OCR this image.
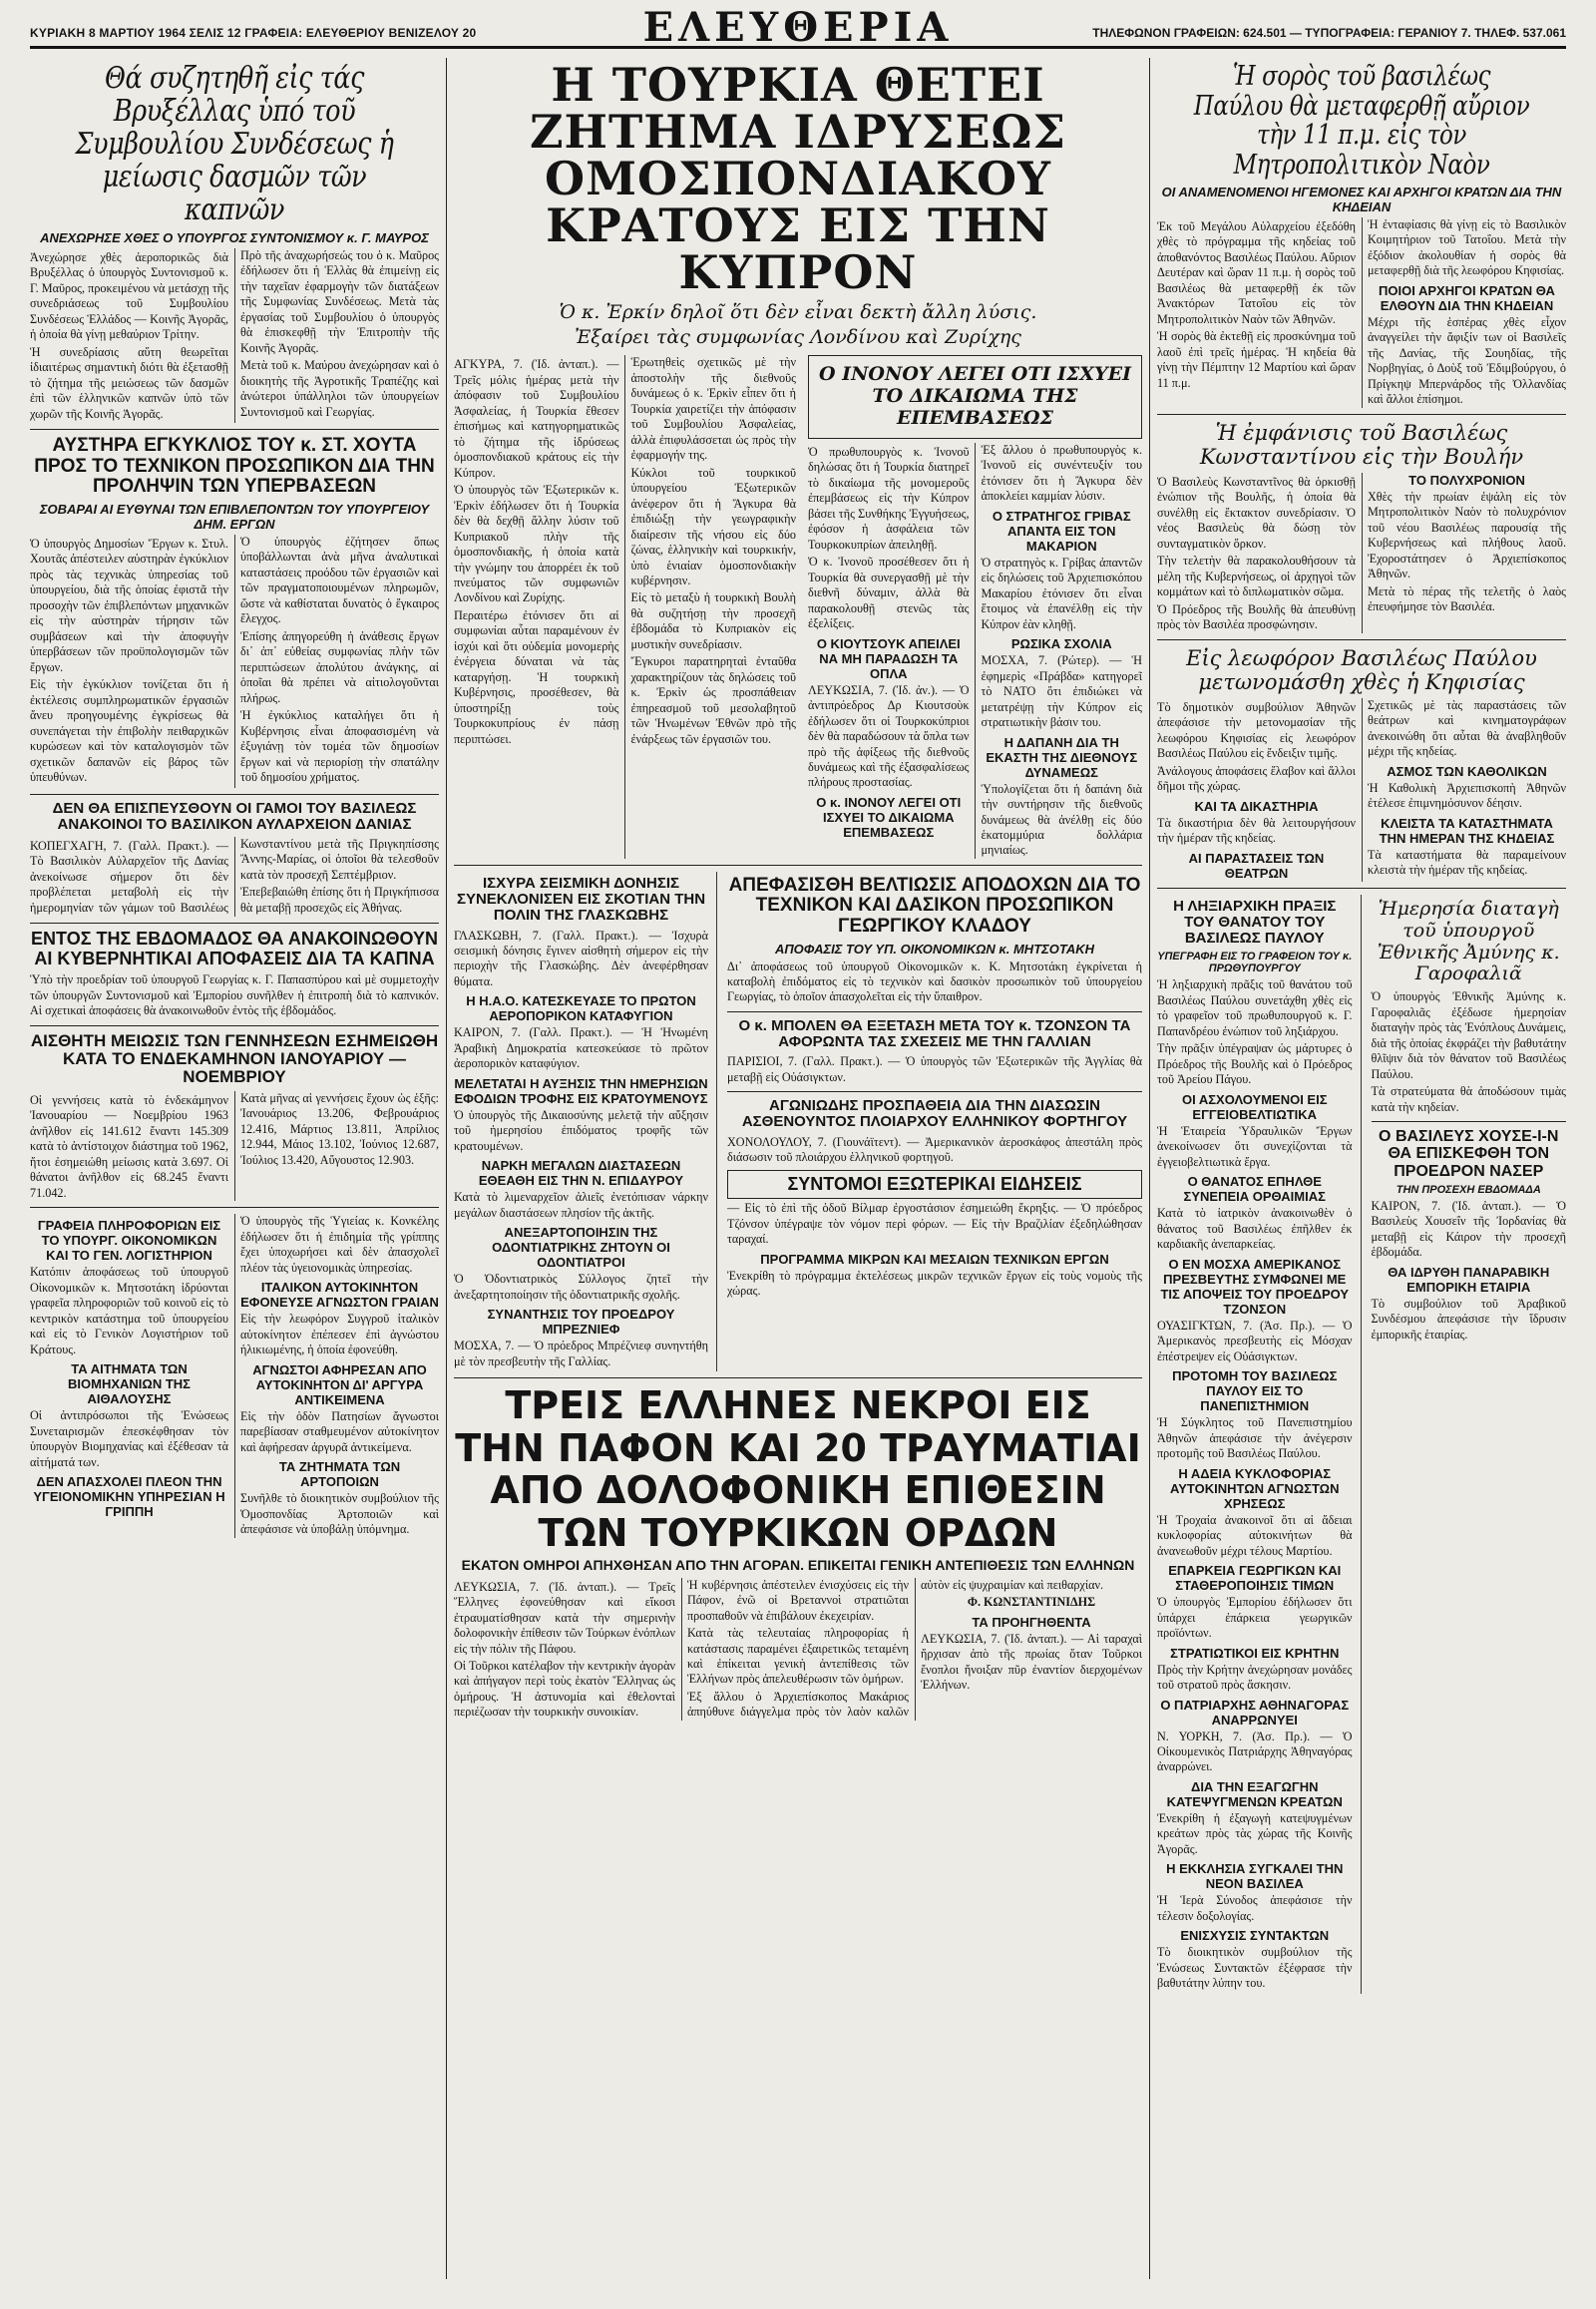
ΚΥΡΙΑΚΗ 8 ΜΑΡΤΙΟΥ 1964 ΣΕΛΙΣ 12 ΓΡΑΦΕΙΑ: ΕΛΕΥΘΕΡΙΟΥ ΒΕΝΙΖΕΛΟΥ 20	ΕΛΕΥΘΕΡΙΑ	ΤΗΛΕΦΩΝΟΝ ΓΡΑΦΕΙΩΝ: 624.501 — ΤΥΠΟΓΡΑΦΕΙΑ: ΓΕΡΑΝΙΟΥ 7. ΤΗΛΕΦ. 537.061
Θά συζητηθῆ εἰς τάς Βρυξέλλας ὑπό τοῦ Συμβουλίου Συνδέσεως ἡ μείωσις δασμῶν τῶν καπνῶν
ΑΝΕΧΩΡΗΣΕ ΧΘΕΣ Ο ΥΠΟΥΡΓΟΣ ΣΥΝΤΟΝΙΣΜΟΥ κ. Γ. ΜΑΥΡΟΣ

Ἀνεχώρησε χθὲς ἀεροπορικῶς διὰ Βρυξέλλας ὁ ὑπουργὸς Συντονισμοῦ κ. Γ. Μαῦρος, προκειμένου νὰ μετάσχῃ τῆς συνεδριάσεως τοῦ Συμβουλίου Συνδέσεως Ἑλλάδος — Κοινῆς Ἀγορᾶς, ἡ ὁποία θὰ γίνῃ μεθαύριον Τρίτην.

Ἡ συνεδρίασις αὕτη θεωρεῖται ἰδιαιτέρως σημαντικὴ διότι θὰ ἐξετασθῇ τὸ ζήτημα τῆς μειώσεως τῶν δασμῶν ἐπὶ τῶν ἑλληνικῶν καπνῶν ὑπὸ τῶν χωρῶν τῆς Κοινῆς Ἀγορᾶς.

Πρὸ τῆς ἀναχωρήσεώς του ὁ κ. Μαῦρος ἐδήλωσεν ὅτι ἡ Ἑλλὰς θὰ ἐπιμείνῃ εἰς τὴν ταχεῖαν ἐφαρμογὴν τῶν διατάξεων τῆς Συμφωνίας Συνδέσεως. Μετὰ τὰς ἐργασίας τοῦ Συμβουλίου ὁ ὑπουργὸς θὰ ἐπισκεφθῇ τὴν Ἐπιτροπὴν τῆς Κοινῆς Ἀγορᾶς.

Μετὰ τοῦ κ. Μαύρου ἀνεχώρησαν καὶ ὁ διοικητὴς τῆς Ἀγροτικῆς Τραπέζης καὶ ἀνώτεροι ὑπάλληλοι τῶν ὑπουργείων Συντονισμοῦ καὶ Γεωργίας.

ΑΥΣΤΗΡΑ ΕΓΚΥΚΛΙΟΣ ΤΟΥ κ. ΣΤ. ΧΟΥΤΑ ΠΡΟΣ ΤΟ ΤΕΧΝΙΚΟΝ ΠΡΟΣΩΠΙΚΟΝ ΔΙΑ ΤΗΝ ΠΡΟΛΗΨΙΝ ΤΩΝ ΥΠΕΡΒΑΣΕΩΝ
ΣΟΒΑΡΑΙ ΑΙ ΕΥΘΥΝΑΙ ΤΩΝ ΕΠΙΒΛΕΠΟΝΤΩΝ ΤΟΥ ΥΠΟΥΡΓΕΙΟΥ ΔΗΜ. ΕΡΓΩΝ

Ὁ ὑπουργὸς Δημοσίων Ἔργων κ. Στυλ. Χουτᾶς ἀπέστειλεν αὐστηρὰν ἐγκύκλιον πρὸς τὰς τεχνικὰς ὑπηρεσίας τοῦ ὑπουργείου, διὰ τῆς ὁποίας ἐφιστᾶ τὴν προσοχὴν τῶν ἐπιβλεπόντων μηχανικῶν εἰς τὴν αὐστηρὰν τήρησιν τῶν συμβάσεων καὶ τὴν ἀποφυγὴν ὑπερβάσεων τῶν προϋπολογισμῶν τῶν ἔργων.

Εἰς τὴν ἐγκύκλιον τονίζεται ὅτι ἡ ἐκτέλεσις συμπληρωματικῶν ἐργασιῶν ἄνευ προηγουμένης ἐγκρίσεως θὰ συνεπάγεται τὴν ἐπιβολὴν πειθαρχικῶν κυρώσεων καὶ τὸν καταλογισμὸν τῶν σχετικῶν δαπανῶν εἰς βάρος τῶν ὑπευθύνων.

Ὁ ὑπουργὸς ἐζήτησεν ὅπως ὑποβάλλωνται ἀνὰ μῆνα ἀναλυτικαὶ καταστάσεις προόδου τῶν ἐργασιῶν καὶ τῶν πραγματοποιουμένων πληρωμῶν, ὥστε νὰ καθίσταται δυνατὸς ὁ ἔγκαιρος ἔλεγχος.

Ἐπίσης ἀπηγορεύθη ἡ ἀνάθεσις ἔργων δι᾽ ἀπ᾽ εὐθείας συμφωνίας πλὴν τῶν περιπτώσεων ἀπολύτου ἀνάγκης, αἱ ὁποῖαι θὰ πρέπει νὰ αἰτιολογοῦνται πλήρως.

Ἡ ἐγκύκλιος καταλήγει ὅτι ἡ Κυβέρνησις εἶναι ἀποφασισμένη νὰ ἐξυγιάνῃ τὸν τομέα τῶν δημοσίων ἔργων καὶ νὰ περιορίσῃ τὴν σπατάλην τοῦ δημοσίου χρήματος.

ΔΕΝ ΘΑ ΕΠΙΣΠΕΥΣΘΟΥΝ ΟΙ ΓΑΜΟΙ ΤΟΥ ΒΑΣΙΛΕΩΣ ΑΝΑΚΟΙΝΟΙ ΤΟ ΒΑΣΙΛΙΚΟΝ ΑΥΛΑΡΧΕΙΟΝ ΔΑΝΙΑΣ

ΚΟΠΕΓΧΑΓΗ, 7. (Γαλλ. Πρακτ.). — Τὸ Βασιλικὸν Αὐλαρχεῖον τῆς Δανίας ἀνεκοίνωσε σήμερον ὅτι δὲν προβλέπεται μεταβολὴ εἰς τὴν ἡμερομηνίαν τῶν γάμων τοῦ Βασιλέως Κωνσταντίνου μετὰ τῆς Πριγκηπίσσης Ἄννης-Μαρίας, οἱ ὁποῖοι θὰ τελεσθοῦν κατὰ τὸν προσεχῆ Σεπτέμβριον.

Ἐπεβεβαιώθη ἐπίσης ὅτι ἡ Πριγκήπισσα θὰ μεταβῇ προσεχῶς εἰς Ἀθήνας.

ΕΝΤΟΣ ΤΗΣ ΕΒΔΟΜΑΔΟΣ ΘΑ ΑΝΑΚΟΙΝΩΘΟΥΝ ΑΙ ΚΥΒΕΡΝΗΤΙΚΑΙ ΑΠΟΦΑΣΕΙΣ ΔΙΑ ΤΑ ΚΑΠΝΑ

Ὑπὸ τὴν προεδρίαν τοῦ ὑπουργοῦ Γεωργίας κ. Γ. Παπασπύρου καὶ μὲ συμμετοχὴν τῶν ὑπουργῶν Συντονισμοῦ καὶ Ἐμπορίου συνῆλθεν ἡ ἐπιτροπὴ διὰ τὸ καπνικόν. Αἱ σχετικαὶ ἀποφάσεις θὰ ἀνακοινωθοῦν ἐντὸς τῆς ἑβδομάδος.

ΑΙΣΘΗΤΗ ΜΕΙΩΣΙΣ ΤΩΝ ΓΕΝΝΗΣΕΩΝ ΕΣΗΜΕΙΩΘΗ ΚΑΤΑ ΤΟ ΕΝΔΕΚΑΜΗΝΟΝ ΙΑΝΟΥΑΡΙΟΥ — ΝΟΕΜΒΡΙΟΥ

Οἱ γεννήσεις κατὰ τὸ ἑνδεκάμηνον Ἰανουαρίου — Νοεμβρίου 1963 ἀνῆλθον εἰς 141.612 ἔναντι 145.309 κατὰ τὸ ἀντίστοιχον διάστημα τοῦ 1962, ἤτοι ἐσημειώθη μείωσις κατὰ 3.697. Οἱ θάνατοι ἀνῆλθον εἰς 68.245 ἔναντι 71.042.

Κατὰ μῆνας αἱ γεννήσεις ἔχουν ὡς ἑξῆς: Ἰανουάριος 13.206, Φεβρουάριος 12.416, Μάρτιος 13.811, Ἀπρίλιος 12.944, Μάιος 13.102, Ἰούνιος 12.687, Ἰούλιος 13.420, Αὔγουστος 12.903.

ΓΡΑΦΕΙΑ ΠΛΗΡΟΦΟΡΙΩΝ ΕΙΣ ΤΟ ΥΠΟΥΡΓ. ΟΙΚΟΝΟΜΙΚΩΝ ΚΑΙ ΤΟ ΓΕΝ. ΛΟΓΙΣΤΗΡΙΟΝ

Κατόπιν ἀποφάσεως τοῦ ὑπουργοῦ Οἰκονομικῶν κ. Μητσοτάκη ἱδρύονται γραφεῖα πληροφοριῶν τοῦ κοινοῦ εἰς τὸ κεντρικὸν κατάστημα τοῦ ὑπουργείου καὶ εἰς τὸ Γενικὸν Λογιστήριον τοῦ Κράτους.

ΤΑ ΑΙΤΗΜΑΤΑ ΤΩΝ ΒΙΟΜΗΧΑΝΙΩΝ ΤΗΣ ΑΙΘΑΛΟΥΣΗΣ

Οἱ ἀντιπρόσωποι τῆς Ἑνώσεως Συνεταιρισμῶν ἐπεσκέφθησαν τὸν ὑπουργὸν Βιομηχανίας καὶ ἐξέθεσαν τὰ αἰτήματά των.

ΔΕΝ ΑΠΑΣΧΟΛΕΙ ΠΛΕΟΝ ΤΗΝ ΥΓΕΙΟΝΟΜΙΚΗΝ ΥΠΗΡΕΣΙΑΝ Η ΓΡΙΠΠΗ

Ὁ ὑπουργὸς τῆς Ὑγιείας κ. Κονκέλης ἐδήλωσεν ὅτι ἡ ἐπιδημία τῆς γρίππης ἔχει ὑποχωρήσει καὶ δὲν ἀπασχολεῖ πλέον τὰς ὑγειονομικὰς ὑπηρεσίας.

ΙΤΑΛΙΚΟΝ ΑΥΤΟΚΙΝΗΤΟΝ ΕΦΟΝΕΥΣΕ ΑΓΝΩΣΤΟΝ ΓΡΑΙΑΝ

Εἰς τὴν λεωφόρον Συγγροῦ ἰταλικὸν αὐτοκίνητον ἐπέπεσεν ἐπὶ ἀγνώστου ἡλικιωμένης, ἡ ὁποία ἐφονεύθη.

ΑΓΝΩΣΤΟΙ ΑΦΗΡΕΣΑΝ ΑΠΟ ΑΥΤΟΚΙΝΗΤΟΝ ΔΙ' ΑΡΓΥΡΑ ΑΝΤΙΚΕΙΜΕΝΑ

Εἰς τὴν ὁδὸν Πατησίων ἄγνωστοι παρεβίασαν σταθμευμένον αὐτοκίνητον καὶ ἀφήρεσαν ἀργυρᾶ ἀντικείμενα.

ΤΑ ΖΗΤΗΜΑΤΑ ΤΩΝ ΑΡΤΟΠΟΙΩΝ

Συνῆλθε τὸ διοικητικὸν συμβούλιον τῆς Ὁμοσπονδίας Ἀρτοποιῶν καὶ ἀπεφάσισε νὰ ὑποβάλῃ ὑπόμνημα.

Η ΤΟΥΡΚΙΑ ΘΕΤΕΙ ΖΗΤΗΜΑ ΙΔΡΥΣΕΩΣ ΟΜΟΣΠΟΝΔΙΑΚΟΥ ΚΡΑΤΟΥΣ ΕΙΣ ΤΗΝ ΚΥΠΡΟΝ
Ὁ κ. Ἐρκίν δηλοῖ ὅτι δὲν εἶναι δεκτὴ ἄλλη λύσις.
Ἐξαίρει τὰς συμφωνίας Λονδίνου καὶ Ζυρίχης

ΑΓΚΥΡΑ, 7. (Ἰδ. ἀνταπ.). — Τρεῖς μόλις ἡμέρας μετὰ τὴν ἀπόφασιν τοῦ Συμβουλίου Ἀσφαλείας, ἡ Τουρκία ἔθεσεν ἐπισήμως καὶ κατηγορηματικῶς τὸ ζήτημα τῆς ἱδρύσεως ὁμοσπονδιακοῦ κράτους εἰς τὴν Κύπρον.

Ὁ ὑπουργὸς τῶν Ἐξωτερικῶν κ. Ἐρκὶν ἐδήλωσεν ὅτι ἡ Τουρκία δὲν θὰ δεχθῇ ἄλλην λύσιν τοῦ Κυπριακοῦ πλὴν τῆς ὁμοσπονδιακῆς, ἡ ὁποία κατὰ τὴν γνώμην του ἀπορρέει ἐκ τοῦ πνεύματος τῶν συμφωνιῶν Λονδίνου καὶ Ζυρίχης.

Περαιτέρω ἐτόνισεν ὅτι αἱ συμφωνίαι αὗται παραμένουν ἐν ἰσχύι καὶ ὅτι οὐδεμία μονομερὴς ἐνέργεια δύναται νὰ τὰς καταργήσῃ. Ἡ τουρκικὴ Κυβέρνησις, προσέθεσεν, θὰ ὑποστηρίξῃ τοὺς Τουρκοκυπρίους ἐν πάσῃ περιπτώσει.

Ἐρωτηθεὶς σχετικῶς μὲ τὴν ἀποστολὴν τῆς διεθνοῦς δυνάμεως ὁ κ. Ἐρκὶν εἶπεν ὅτι ἡ Τουρκία χαιρετίζει τὴν ἀπόφασιν τοῦ Συμβουλίου Ἀσφαλείας, ἀλλὰ ἐπιφυλάσσεται ὡς πρὸς τὴν ἐφαρμογήν της.

Κύκλοι τοῦ τουρκικοῦ ὑπουργείου Ἐξωτερικῶν ἀνέφερον ὅτι ἡ Ἄγκυρα θὰ ἐπιδιώξῃ τὴν γεωγραφικὴν διαίρεσιν τῆς νήσου εἰς δύο ζώνας, ἑλληνικὴν καὶ τουρκικήν, ὑπὸ ἑνιαίαν ὁμοσπονδιακὴν κυβέρνησιν.

Εἰς τὸ μεταξὺ ἡ τουρκικὴ Βουλὴ θὰ συζητήσῃ τὴν προσεχῆ ἑβδομάδα τὸ Κυπριακὸν εἰς μυστικὴν συνεδρίασιν.

Ἔγκυροι παρατηρηταὶ ἐνταῦθα χαρακτηρίζουν τὰς δηλώσεις τοῦ κ. Ἐρκὶν ὡς προσπάθειαν ἐπηρεασμοῦ τοῦ μεσολαβητοῦ τῶν Ἡνωμένων Ἐθνῶν πρὸ τῆς ἐνάρξεως τῶν ἐργασιῶν του.

Ο ΙΝΟΝΟΥ ΛΕΓΕΙ ΟΤΙ ΙΣΧΥΕΙ ΤΟ ΔΙΚΑΙΩΜΑ ΤΗΣ ΕΠΕΜΒΑΣΕΩΣ

Ὁ πρωθυπουργὸς κ. Ἰνονοῦ δηλώσας ὅτι ἡ Τουρκία διατηρεῖ τὸ δικαίωμα τῆς μονομεροῦς ἐπεμβάσεως εἰς τὴν Κύπρον βάσει τῆς Συνθήκης Ἐγγυήσεως, ἐφόσον ἡ ἀσφάλεια τῶν Τουρκοκυπρίων ἀπειληθῇ.

Ὁ κ. Ἰνονοῦ προσέθεσεν ὅτι ἡ Τουρκία θὰ συνεργασθῇ μὲ τὴν διεθνῆ δύναμιν, ἀλλὰ θὰ παρακολουθῇ στενῶς τὰς ἐξελίξεις.

Ο ΚΙΟΥΤΣΟΥΚ ΑΠΕΙΛΕΙ ΝΑ ΜΗ ΠΑΡΑΔΩΣΗ ΤΑ ΟΠΛΑ

ΛΕΥΚΩΣΙΑ, 7. (Ἰδ. ἀν.). — Ὁ ἀντιπρόεδρος Δρ Κιουτσοὺκ ἐδήλωσεν ὅτι οἱ Τουρκοκύπριοι δὲν θὰ παραδώσουν τὰ ὅπλα των πρὸ τῆς ἀφίξεως τῆς διεθνοῦς δυνάμεως καὶ τῆς ἐξασφαλίσεως πλήρους προστασίας.

Ο κ. ΙΝΟΝΟΥ ΛΕΓΕΙ ΟΤΙ ΙΣΧΥΕΙ ΤΟ ΔΙΚΑΙΩΜΑ ΕΠΕΜΒΑΣΕΩΣ

Ἐξ ἄλλου ὁ πρωθυπουργὸς κ. Ἰνονοῦ εἰς συνέντευξίν του ἐτόνισεν ὅτι ἡ Ἄγκυρα δὲν ἀποκλείει καμμίαν λύσιν.

Ο ΣΤΡΑΤΗΓΟΣ ΓΡΙΒΑΣ ΑΠΑΝΤΑ ΕΙΣ ΤΟΝ ΜΑΚΑΡΙΟΝ

Ὁ στρατηγὸς κ. Γρίβας ἀπαντῶν εἰς δηλώσεις τοῦ Ἀρχιεπισκόπου Μακαρίου ἐτόνισεν ὅτι εἶναι ἕτοιμος νὰ ἐπανέλθῃ εἰς τὴν Κύπρον ἐὰν κληθῇ.

ΡΩΣΙΚΑ ΣΧΟΛΙΑ

ΜΟΣΧΑ, 7. (Ρώτερ). — Ἡ ἐφημερὶς «Πράβδα» κατηγορεῖ τὸ ΝΑΤΟ ὅτι ἐπιδιώκει νὰ μετατρέψῃ τὴν Κύπρον εἰς στρατιωτικὴν βάσιν του.

Η ΔΑΠΑΝΗ ΔΙΑ ΤΗ ΕΚΑΣΤΗ ΤΗΣ ΔΙΕΘΝΟΥΣ ΔΥΝΑΜΕΩΣ

Ὑπολογίζεται ὅτι ἡ δαπάνη διὰ τὴν συντήρησιν τῆς διεθνοῦς δυνάμεως θὰ ἀνέλθῃ εἰς δύο ἑκατομμύρια δολλάρια μηνιαίως.

ΙΣΧΥΡΑ ΣΕΙΣΜΙΚΗ ΔΟΝΗΣΙΣ ΣΥΝΕΚΛΟΝΙΣΕΝ ΕΙΣ ΣΚΟΤΙΑΝ ΤΗΝ ΠΟΛΙΝ ΤΗΣ ΓΛΑΣΚΩΒΗΣ

ΓΛΑΣΚΩΒΗ, 7. (Γαλλ. Πρακτ.). — Ἰσχυρὰ σεισμικὴ δόνησις ἔγινεν αἰσθητὴ σήμερον εἰς τὴν περιοχὴν τῆς Γλασκώβης. Δὲν ἀνεφέρθησαν θύματα.

Η Η.Α.Ο. ΚΑΤΕΣΚΕΥΑΣΕ ΤΟ ΠΡΩΤΟΝ ΑΕΡΟΠΟΡΙΚΟΝ ΚΑΤΑΦΥΓΙΟΝ

ΚΑΙΡΟΝ, 7. (Γαλλ. Πρακτ.). — Ἡ Ἡνωμένη Ἀραβικὴ Δημοκρατία κατεσκεύασε τὸ πρῶτον ἀεροπορικὸν καταφύγιον.

ΜΕΛΕΤΑΤΑΙ Η ΑΥΞΗΣΙΣ ΤΗΝ ΗΜΕΡΗΣΙΩΝ ΕΦΟΔΙΩΝ ΤΡΟΦΗΣ ΕΙΣ ΚΡΑΤΟΥΜΕΝΟΥΣ

Ὁ ὑπουργὸς τῆς Δικαιοσύνης μελετᾷ τὴν αὔξησιν τοῦ ἡμερησίου ἐπιδόματος τροφῆς τῶν κρατουμένων.

ΝΑΡΚΗ ΜΕΓΑΛΩΝ ΔΙΑΣΤΑΣΕΩΝ ΕΘΕΑΘΗ ΕΙΣ ΤΗΝ Ν. ΕΠΙΔΑΥΡΟΥ

Κατὰ τὸ λιμεναρχεῖον ἀλιεῖς ἐνετόπισαν νάρκην μεγάλων διαστάσεων πλησίον τῆς ἀκτῆς.

ΑΝΕΞΑΡΤΟΠΟΙΗΣΙΝ ΤΗΣ ΟΔΟΝΤΙΑΤΡΙΚΗΣ ΖΗΤΟΥΝ ΟΙ ΟΔΟΝΤΙΑΤΡΟΙ

Ὁ Ὀδοντιατρικὸς Σύλλογος ζητεῖ τὴν ἀνεξαρτητοποίησιν τῆς ὀδοντιατρικῆς σχολῆς.

ΣΥΝΑΝΤΗΣΙΣ ΤΟΥ ΠΡΟΕΔΡΟΥ ΜΠΡΕΖΝΙΕΦ

ΜΟΣΧΑ, 7. — Ὁ πρόεδρος Μπρέζνιεφ συνηντήθη μὲ τὸν πρεσβευτὴν τῆς Γαλλίας.

ΑΠΕΦΑΣΙΣΘΗ ΒΕΛΤΙΩΣΙΣ ΑΠΟΔΟΧΩΝ ΔΙΑ ΤΟ ΤΕΧΝΙΚΟΝ ΚΑΙ ΔΑΣΙΚΟΝ ΠΡΟΣΩΠΙΚΟΝ ΓΕΩΡΓΙΚΟΥ ΚΛΑΔΟΥ
ΑΠΟΦΑΣΙΣ ΤΟΥ ΥΠ. ΟΙΚΟΝΟΜΙΚΩΝ κ. ΜΗΤΣΟΤΑΚΗ

Δι᾽ ἀποφάσεως τοῦ ὑπουργοῦ Οἰκονομικῶν κ. Κ. Μητσοτάκη ἐγκρίνεται ἡ καταβολὴ ἐπιδόματος εἰς τὸ τεχνικὸν καὶ δασικὸν προσωπικὸν τοῦ ὑπουργείου Γεωργίας, τὸ ὁποῖον ἀπασχολεῖται εἰς τὴν ὕπαιθρον.

Ο κ. ΜΠΟΛΕΝ ΘΑ ΕΞΕΤΑΣΗ ΜΕΤΑ ΤΟΥ κ. ΤΖΟΝΣΟΝ ΤΑ ΑΦΟΡΩΝΤΑ ΤΑΣ ΣΧΕΣΕΙΣ ΜΕ ΤΗΝ ΓΑΛΛΙΑΝ

ΠΑΡΙΣΙΟΙ, 7. (Γαλλ. Πρακτ.). — Ὁ ὑπουργὸς τῶν Ἐξωτερικῶν τῆς Ἀγγλίας θὰ μεταβῇ εἰς Οὐάσιγκτων.

ΑΓΩΝΙΩΔΗΣ ΠΡΟΣΠΑΘΕΙΑ ΔΙΑ ΤΗΝ ΔΙΑΣΩΣΙΝ ΑΣΘΕΝΟΥΝΤΟΣ ΠΛΟΙΑΡΧΟΥ ΕΛΛΗΝΙΚΟΥ ΦΟΡΤΗΓΟΥ

ΧΟΝΟΛΟΥΛΟΥ, 7. (Γιουνάϊτεντ). — Ἀμερικανικὸν ἀεροσκάφος ἀπεστάλη πρὸς διάσωσιν τοῦ πλοιάρχου ἑλληνικοῦ φορτηγοῦ.

ΣΥΝΤΟΜΟΙ ΕΞΩΤΕΡΙΚΑΙ ΕΙΔΗΣΕΙΣ

— Εἰς τὸ ἐπὶ τῆς ὁδοῦ Βίλμαρ ἐργοστάσιον ἐσημειώθη ἔκρηξις. — Ὁ πρόεδρος Τζόνσον ὑπέγραψε τὸν νόμον περὶ φόρων. — Εἰς τὴν Βραζιλίαν ἐξεδηλώθησαν ταραχαί.

ΠΡΟΓΡΑΜΜΑ ΜΙΚΡΩΝ ΚΑΙ ΜΕΣΑΙΩΝ ΤΕΧΝΙΚΩΝ ΕΡΓΩΝ

Ἐνεκρίθη τὸ πρόγραμμα ἐκτελέσεως μικρῶν τεχνικῶν ἔργων εἰς τοὺς νομοὺς τῆς χώρας.

ΤΡΕΙΣ ΕΛΛΗΝΕΣ ΝΕΚΡΟΙ ΕΙΣ ΤΗΝ ΠΑΦΟΝ ΚΑΙ 20 ΤΡΑΥΜΑΤΙΑΙ ΑΠΟ ΔΟΛΟΦΟΝΙΚΗ ΕΠΙΘΕΣΙΝ ΤΩΝ ΤΟΥΡΚΙΚΩΝ ΟΡΔΩΝ
ΕΚΑΤΟΝ ΟΜΗΡΟΙ ΑΠΗΧΘΗΣΑΝ ΑΠΟ ΤΗΝ ΑΓΟΡΑΝ. ΕΠΙΚΕΙΤΑΙ ΓΕΝΙΚΗ ΑΝΤΕΠΙΘΕΣΙΣ ΤΩΝ ΕΛΛΗΝΩΝ

ΛΕΥΚΩΣΙΑ, 7. (Ἰδ. ἀνταπ.). — Τρεῖς Ἕλληνες ἐφονεύθησαν καὶ εἴκοσι ἐτραυματίσθησαν κατὰ τὴν σημερινὴν δολοφονικὴν ἐπίθεσιν τῶν Τούρκων ἐνόπλων εἰς τὴν πόλιν τῆς Πάφου.

Οἱ Τοῦρκοι κατέλαβον τὴν κεντρικὴν ἀγορὰν καὶ ἀπήγαγον περὶ τοὺς ἑκατὸν Ἕλληνας ὡς ὁμήρους. Ἡ ἀστυνομία καὶ ἐθελονταὶ περιέζωσαν τὴν τουρκικὴν συνοικίαν.

Ἡ κυβέρνησις ἀπέστειλεν ἐνισχύσεις εἰς τὴν Πάφον, ἐνῶ οἱ Βρεταννοὶ στρατιῶται προσπαθοῦν νὰ ἐπιβάλουν ἐκεχειρίαν.

Κατὰ τὰς τελευταίας πληροφορίας ἡ κατάστασις παραμένει ἐξαιρετικῶς τεταμένη καὶ ἐπίκειται γενικὴ ἀντεπίθεσις τῶν Ἑλλήνων πρὸς ἀπελευθέρωσιν τῶν ὁμήρων.

Ἐξ ἄλλου ὁ Ἀρχιεπίσκοπος Μακάριος ἀπηύθυνε διάγγελμα πρὸς τὸν λαὸν καλῶν αὐτὸν εἰς ψυχραιμίαν καὶ πειθαρχίαν.

Φ. ΚΩΝΣΤΑΝΤΙΝΙΔΗΣ

ΤΑ ΠΡΟΗΓΗΘΕΝΤΑ

ΛΕΥΚΩΣΙΑ, 7. (Ἰδ. ἀνταπ.). — Αἱ ταραχαὶ ἤρχισαν ἀπὸ τῆς πρωίας ὅταν Τοῦρκοι ἔνοπλοι ἤνοιξαν πῦρ ἐναντίον διερχομένων Ἑλλήνων.

Ἡ σορὸς τοῦ βασιλέως Παύλου θὰ μεταφερθῇ αὔριον τὴν 11 π.μ. εἰς τὸν Μητροπολιτικὸν Ναὸν
ΟΙ ΑΝΑΜΕΝΟΜΕΝΟΙ ΗΓΕΜΟΝΕΣ ΚΑΙ ΑΡΧΗΓΟΙ ΚΡΑΤΩΝ ΔΙΑ ΤΗΝ ΚΗΔΕΙΑΝ

Ἐκ τοῦ Μεγάλου Αὐλαρχείου ἐξεδόθη χθὲς τὸ πρόγραμμα τῆς κηδείας τοῦ ἀποθανόντος Βασιλέως Παύλου. Αὔριον Δευτέραν καὶ ὥραν 11 π.μ. ἡ σορὸς τοῦ Βασιλέως θὰ μεταφερθῇ ἐκ τῶν Ἀνακτόρων Τατοΐου εἰς τὸν Μητροπολιτικὸν Ναὸν τῶν Ἀθηνῶν.

Ἡ σορὸς θὰ ἐκτεθῇ εἰς προσκύνημα τοῦ λαοῦ ἐπὶ τρεῖς ἡμέρας. Ἡ κηδεία θὰ γίνῃ τὴν Πέμπτην 12 Μαρτίου καὶ ὥραν 11 π.μ.

Ἡ ἐνταφίασις θὰ γίνῃ εἰς τὸ Βασιλικὸν Κοιμητήριον τοῦ Τατοΐου. Μετὰ τὴν ἐξόδιον ἀκολουθίαν ἡ σορὸς θὰ μεταφερθῇ διὰ τῆς λεωφόρου Κηφισίας.

ΠΟΙΟΙ ΑΡΧΗΓΟΙ ΚΡΑΤΩΝ ΘΑ ΕΛΘΟΥΝ ΔΙΑ ΤΗΝ ΚΗΔΕΙΑΝ

Μέχρι τῆς ἑσπέρας χθὲς εἶχον ἀναγγείλει τὴν ἄφιξίν των οἱ Βασιλεῖς τῆς Δανίας, τῆς Σουηδίας, τῆς Νορβηγίας, ὁ Δοὺξ τοῦ Ἐδιμβούργου, ὁ Πρίγκηψ Μπερνάρδος τῆς Ὀλλανδίας καὶ ἄλλοι ἐπίσημοι.

Ἡ ἐμφάνισις τοῦ Βασιλέως Κωνσταντίνου εἰς τὴν Βουλήν

Ὁ Βασιλεὺς Κωνσταντῖνος θὰ ὁρκισθῇ ἐνώπιον τῆς Βουλῆς, ἡ ὁποία θὰ συνέλθῃ εἰς ἔκτακτον συνεδρίασιν. Ὁ νέος Βασιλεὺς θὰ δώσῃ τὸν συνταγματικὸν ὅρκον.

Τὴν τελετὴν θὰ παρακολουθήσουν τὰ μέλη τῆς Κυβερνήσεως, οἱ ἀρχηγοὶ τῶν κομμάτων καὶ τὸ διπλωματικὸν σῶμα.

Ὁ Πρόεδρος τῆς Βουλῆς θὰ ἀπευθύνῃ πρὸς τὸν Βασιλέα προσφώνησιν.

ΤΟ ΠΟΛΥΧΡΟΝΙΟΝ

Χθὲς τὴν πρωίαν ἐψάλη εἰς τὸν Μητροπολιτικὸν Ναὸν τὸ πολυχρόνιον τοῦ νέου Βασιλέως παρουσίᾳ τῆς Κυβερνήσεως καὶ πλήθους λαοῦ. Ἐχοροστάτησεν ὁ Ἀρχιεπίσκοπος Ἀθηνῶν.

Μετὰ τὸ πέρας τῆς τελετῆς ὁ λαὸς ἐπευφήμησε τὸν Βασιλέα.

Εἰς λεωφόρον Βασιλέως Παύλου μετωνομάσθη χθὲς ἡ Κηφισίας

Τὸ δημοτικὸν συμβούλιον Ἀθηνῶν ἀπεφάσισε τὴν μετονομασίαν τῆς λεωφόρου Κηφισίας εἰς λεωφόρον Βασιλέως Παύλου εἰς ἔνδειξιν τιμῆς.

Ἀνάλογους ἀποφάσεις ἔλαβον καὶ ἄλλοι δῆμοι τῆς χώρας.

ΚΑΙ ΤΑ ΔΙΚΑΣΤΗΡΙΑ

Τὰ δικαστήρια δὲν θὰ λειτουργήσουν τὴν ἡμέραν τῆς κηδείας.

ΑΙ ΠΑΡΑΣΤΑΣΕΙΣ ΤΩΝ ΘΕΑΤΡΩΝ

Σχετικῶς μὲ τὰς παραστάσεις τῶν θεάτρων καὶ κινηματογράφων ἀνεκοινώθη ὅτι αὗται θὰ ἀναβληθοῦν μέχρι τῆς κηδείας.

ΑΣΜΟΣ ΤΩΝ ΚΑΘΟΛΙΚΩΝ

Ἡ Καθολικὴ Ἀρχιεπισκοπὴ Ἀθηνῶν ἐτέλεσε ἐπιμνημόσυνον δέησιν.

ΚΛΕΙΣΤΑ ΤΑ ΚΑΤΑΣΤΗΜΑΤΑ ΤΗΝ ΗΜΕΡΑΝ ΤΗΣ ΚΗΔΕΙΑΣ

Τὰ καταστήματα θὰ παραμείνουν κλειστὰ τὴν ἡμέραν τῆς κηδείας.

Η ΛΗΞΙΑΡΧΙΚΗ ΠΡΑΞΙΣ ΤΟΥ ΘΑΝΑΤΟΥ ΤΟΥ ΒΑΣΙΛΕΩΣ ΠΑΥΛΟΥ
ΥΠΕΓΡΑΦΗ ΕΙΣ ΤΟ ΓΡΑΦΕΙΟΝ ΤΟΥ κ. ΠΡΩΘΥΠΟΥΡΓΟΥ

Ἡ ληξιαρχικὴ πρᾶξις τοῦ θανάτου τοῦ Βασιλέως Παύλου συνετάχθη χθὲς εἰς τὸ γραφεῖον τοῦ πρωθυπουργοῦ κ. Γ. Παπανδρέου ἐνώπιον τοῦ ληξιάρχου.

Τὴν πρᾶξιν ὑπέγραψαν ὡς μάρτυρες ὁ Πρόεδρος τῆς Βουλῆς καὶ ὁ Πρόεδρος τοῦ Ἀρείου Πάγου.

ΟΙ ΑΣΧΟΛΟΥΜΕΝΟΙ ΕΙΣ ΕΓΓΕΙΟΒΕΛΤΙΩΤΙΚΑ

Ἡ Ἑταιρεία Ὑδραυλικῶν Ἔργων ἀνεκοίνωσεν ὅτι συνεχίζονται τὰ ἐγγειοβελτιωτικὰ ἔργα.

Ο ΘΑΝΑΤΟΣ ΕΠΗΛΘΕ ΣΥΝΕΠΕΙΑ ΟΡΘΑΙΜΙΑΣ

Κατὰ τὸ ἰατρικὸν ἀνακοινωθὲν ὁ θάνατος τοῦ Βασιλέως ἐπῆλθεν ἐκ καρδιακῆς ἀνεπαρκείας.

Ο ΕΝ ΜΟΣΧΑ ΑΜΕΡΙΚΑΝΟΣ ΠΡΕΣΒΕΥΤΗΣ ΣΥΜΦΩΝΕΙ ΜΕ ΤΙΣ ΑΠΟΨΕΙΣ ΤΟΥ ΠΡΟΕΔΡΟΥ ΤΖΟΝΣΟΝ

ΟΥΑΣΙΓΚΤΩΝ, 7. (Ἀσ. Πρ.). — Ὁ Ἀμερικανὸς πρεσβευτὴς εἰς Μόσχαν ἐπέστρεψεν εἰς Οὐάσιγκτων.

ΠΡΟΤΟΜΗ ΤΟΥ ΒΑΣΙΛΕΩΣ ΠΑΥΛΟΥ ΕΙΣ ΤΟ ΠΑΝΕΠΙΣΤΗΜΙΟΝ

Ἡ Σύγκλητος τοῦ Πανεπιστημίου Ἀθηνῶν ἀπεφάσισε τὴν ἀνέγερσιν προτομῆς τοῦ Βασιλέως Παύλου.

Η ΑΔΕΙΑ ΚΥΚΛΟΦΟΡΙΑΣ ΑΥΤΟΚΙΝΗΤΩΝ ΑΓΝΩΣΤΩΝ ΧΡΗΣΕΩΣ

Ἡ Τροχαία ἀνακοινοῖ ὅτι αἱ ἄδειαι κυκλοφορίας αὐτοκινήτων θὰ ἀνανεωθοῦν μέχρι τέλους Μαρτίου.

ΕΠΑΡΚΕΙΑ ΓΕΩΡΓΙΚΩΝ ΚΑΙ ΣΤΑΘΕΡΟΠΟΙΗΣΙΣ ΤΙΜΩΝ

Ὁ ὑπουργὸς Ἐμπορίου ἐδήλωσεν ὅτι ὑπάρχει ἐπάρκεια γεωργικῶν προϊόντων.

ΣΤΡΑΤΙΩΤΙΚΟΙ ΕΙΣ ΚΡΗΤΗΝ

Πρὸς τὴν Κρήτην ἀνεχώρησαν μονάδες τοῦ στρατοῦ πρὸς ἄσκησιν.

Ο ΠΑΤΡΙΑΡΧΗΣ ΑΘΗΝΑΓΟΡΑΣ ΑΝΑΡΡΩΝΥΕΙ

Ν. ΥΟΡΚΗ, 7. (Ἀσ. Πρ.). — Ὁ Οἰκουμενικὸς Πατριάρχης Ἀθηναγόρας ἀναρρώνει.

ΔΙΑ ΤΗΝ ΕΞΑΓΩΓΗΝ ΚΑΤΕΨΥΓΜΕΝΩΝ ΚΡΕΑΤΩΝ

Ἐνεκρίθη ἡ ἐξαγωγὴ κατεψυγμένων κρεάτων πρὸς τὰς χώρας τῆς Κοινῆς Ἀγορᾶς.

Η ΕΚΚΛΗΣΙΑ ΣΥΓΚΑΛΕΙ ΤΗΝ ΝΕΟΝ ΒΑΣΙΛΕΑ

Ἡ Ἱερὰ Σύνοδος ἀπεφάσισε τὴν τέλεσιν δοξολογίας.

ΕΝΙΣΧΥΣΙΣ ΣΥΝΤΑΚΤΩΝ

Τὸ διοικητικὸν συμβούλιον τῆς Ἑνώσεως Συντακτῶν ἐξέφρασε τὴν βαθυτάτην λύπην του.

Ἡμερησία διαταγὴ τοῦ ὑπουργοῦ Ἐθνικῆς Ἀμύνης κ. Γαροφαλιᾶ

Ὁ ὑπουργὸς Ἐθνικῆς Ἀμύνης κ. Γαροφαλιᾶς ἐξέδωσε ἡμερησίαν διαταγὴν πρὸς τὰς Ἐνόπλους Δυνάμεις, διὰ τῆς ὁποίας ἐκφράζει τὴν βαθυτάτην θλῖψιν διὰ τὸν θάνατον τοῦ Βασιλέως Παύλου.

Τὰ στρατεύματα θὰ ἀποδώσουν τιμὰς κατὰ τὴν κηδείαν.

Ο ΒΑΣΙΛΕΥΣ ΧΟΥΣΕ-Ι-Ν ΘΑ ΕΠΙΣΚΕΦΘΗ ΤΟΝ ΠΡΟΕΔΡΟΝ ΝΑΣΕΡ
ΤΗΝ ΠΡΟΣΕΧΗ ΕΒΔΟΜΑΔΑ

ΚΑΙΡΟΝ, 7. (Ἰδ. ἀνταπ.). — Ὁ Βασιλεὺς Χουσεΐν τῆς Ἰορδανίας θὰ μεταβῇ εἰς Κάιρον τὴν προσεχῆ ἑβδομάδα.

ΘΑ ΙΔΡΥΘΗ ΠΑΝΑΡΑΒΙΚΗ ΕΜΠΟΡΙΚΗ ΕΤΑΙΡΙΑ

Τὸ συμβούλιον τοῦ Ἀραβικοῦ Συνδέσμου ἀπεφάσισε τὴν ἵδρυσιν ἐμπορικῆς ἑταιρίας.
